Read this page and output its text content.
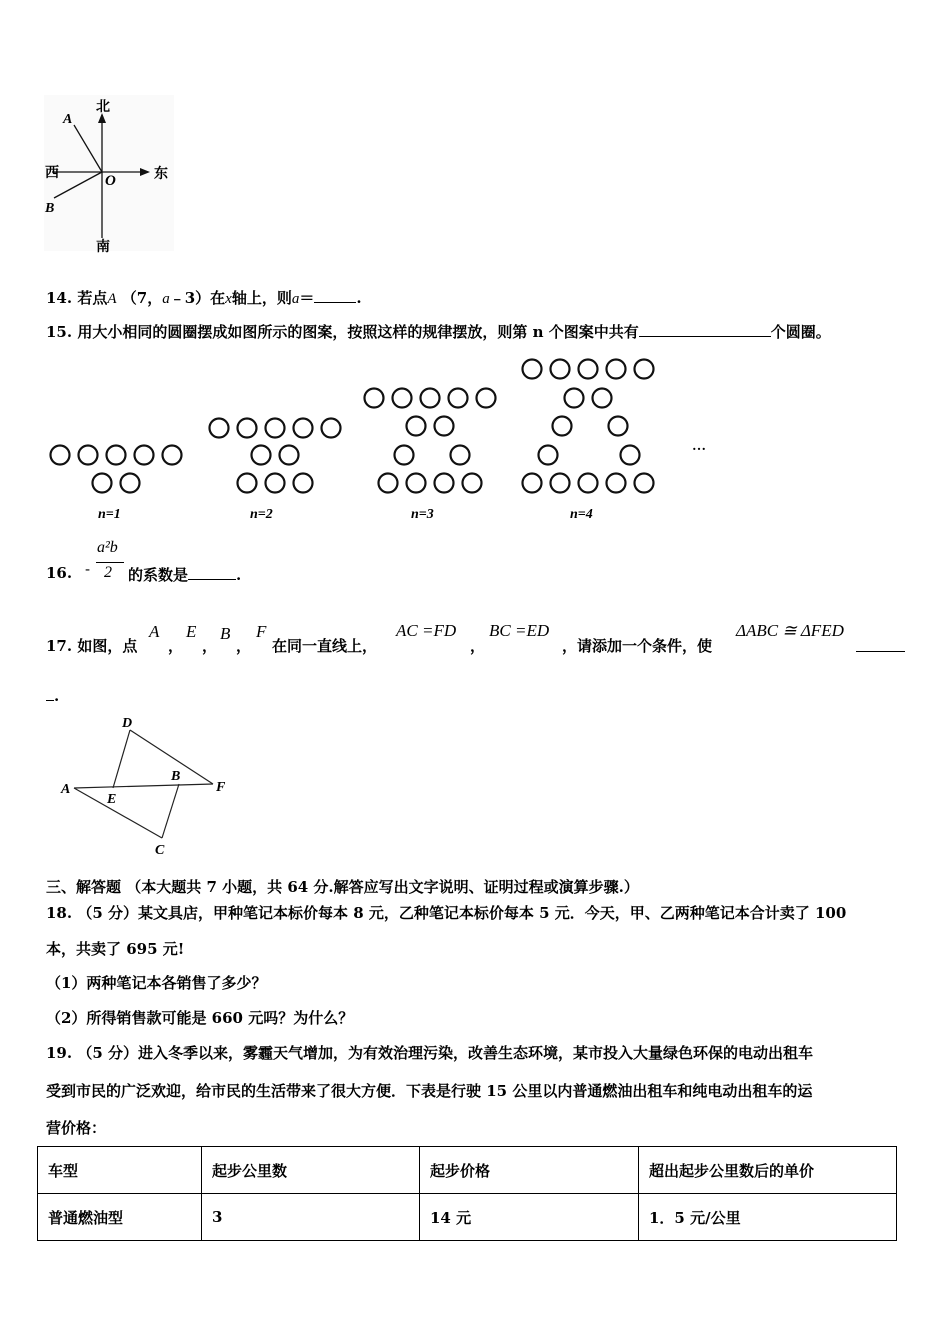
北
南
东
西
A
B
O
14. 若点A （7，a﹣3）在x轴上，则a＝	.
15. 用大小相同的圆圈摆成如图所示的图案，按照这样的规律摆放，则第 n 个图案中共有	个圆圈。
n=1	n=2	n=3	n=4
…
16. -
a²b
2 的系数是	.
17. 如图，点
A
，
E
，
B
，
F
在同一直线上，
AC =FD
，
BC =ED
，请添加一个条件，使
ΔABC ≅ ΔFED
.
D
A
E
B
F
C
三、解答题 （本大题共 7 小题，共 64 分.解答应写出文字说明、证明过程或演算步骤.）
18. （5 分）某文具店，甲种笔记本标价每本 8 元，乙种笔记本标价每本 5 元．今天，甲、乙两种笔记本合计卖了 100
本，共卖了 695 元!
（1）两种笔记本各销售了多少？
（2）所得销售款可能是 660 元吗？为什么？
19. （5 分）进入冬季以来，雾霾天气增加，为有效治理污染，改善生态环境，某市投入大量绿色环保的电动出租车
受到市民的广泛欢迎，给市民的生活带来了很大方便．下表是行驶 15 公里以内普通燃油出租车和纯电动出租车的运
营价格：
车型	起步公里数	起步价格	超出起步公里数后的单价
普通燃油型	3	14 元	1．5 元/公里
